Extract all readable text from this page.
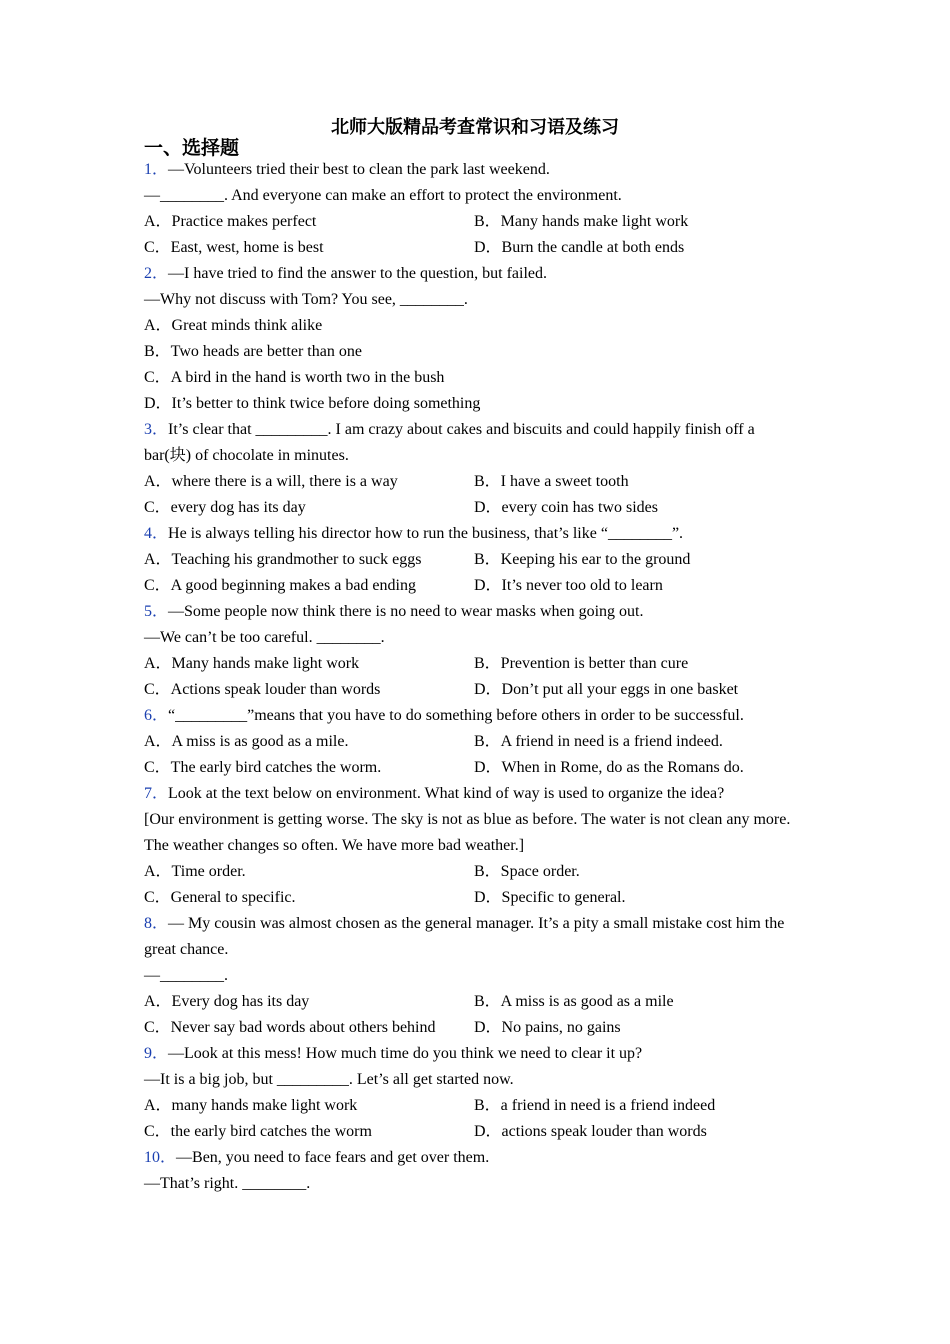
北师大版精品考查常识和习语及练习
一、选择题
1．—Volunteers tried their best to clean the park last weekend.
—________. And everyone can make an effort to protect the environment.
A．Practice makes perfect	B．Many hands make light work
C．East, west, home is best	D．Burn the candle at both ends
2．—I have tried to find the answer to the question, but failed.
—Why not discuss with Tom? You see, ________.
A．Great minds think alike
B．Two heads are better than one
C．A bird in the hand is worth two in the bush
D．It’s better to think twice before doing something
3．It’s clear that _________. I am crazy about cakes and biscuits and could happily finish off a bar(块) of chocolate in minutes.
A．where there is a will, there is a way	B．I have a sweet tooth
C．every dog has its day	D．every coin has two sides
4．He is always telling his director how to run the business, that’s like “________”.
A．Teaching his grandmother to suck eggs	B．Keeping his ear to the ground
C．A good beginning makes a bad ending	D．It’s never too old to learn
5．—Some people now think there is no need to wear masks when going out.
—We can’t be too careful. ________.
A．Many hands make light work	B．Prevention is better than cure
C．Actions speak louder than words	D．Don’t put all your eggs in one basket
6．“_________”means that you have to do something before others in order to be successful.
A．A miss is as good as a mile.	B．A friend in need is a friend indeed.
C．The early bird catches the worm.	D．When in Rome, do as the Romans do.
7．Look at the text below on environment. What kind of way is used to organize the idea?
[Our environment is getting worse. The sky is not as blue as before. The water is not clean any more. The weather changes so often. We have more bad weather.]
A．Time order.	B．Space order.
C．General to specific.	D．Specific to general.
8．— My cousin was almost chosen as the general manager. It’s a pity a small mistake cost him the great chance.
—________.
A．Every dog has its day	B．A miss is as good as a mile
C．Never say bad words about others behind	D．No pains, no gains
9．—Look at this mess! How much time do you think we need to clear it up?
—It is a big job, but _________. Let’s all get started now.
A．many hands make light work	B．a friend in need is a friend indeed
C．the early bird catches the worm	D．actions speak louder than words
10．—Ben, you need to face fears and get over them.
—That’s right. ________.
